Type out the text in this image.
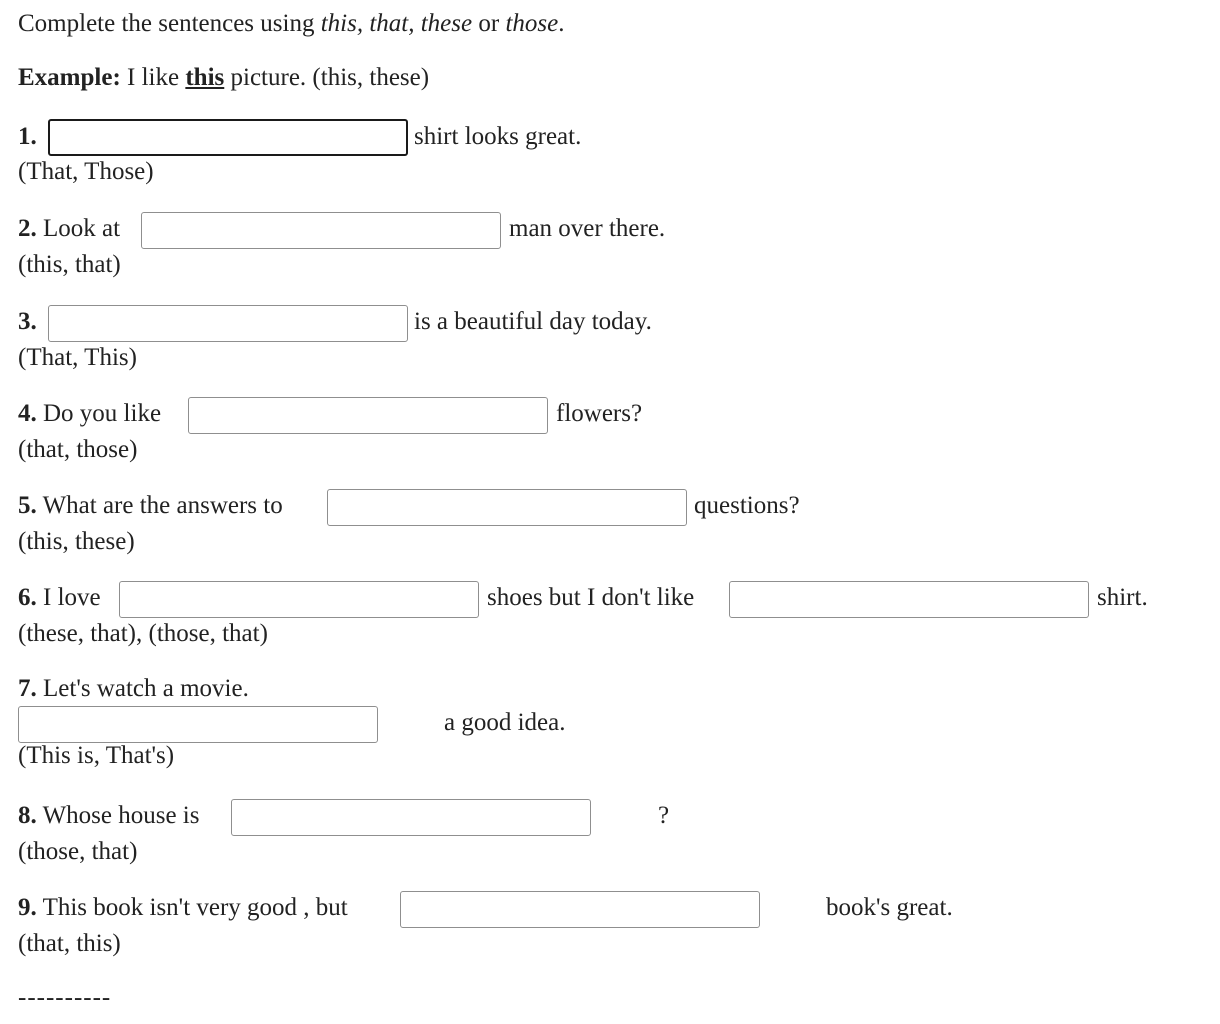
Complete the sentences using this, that, these or those.
Example: I like this picture. (this, these)
1.	shirt looks great.
(That, Those)
2. Look at	man over there.
(this, that)
3.	is a beautiful day today.
(That, This)
4. Do you like	flowers?
(that, those)
5. What are the answers to	questions?
(this, these)
6. I love	shoes but I don't like	shirt.
(these, that), (those, that)
7. Let's watch a movie.
a good idea.
(This is, That's)
8. Whose house is	?
(those, that)
9. This book isn't very good , but	book's great.
(that, this)
----------
